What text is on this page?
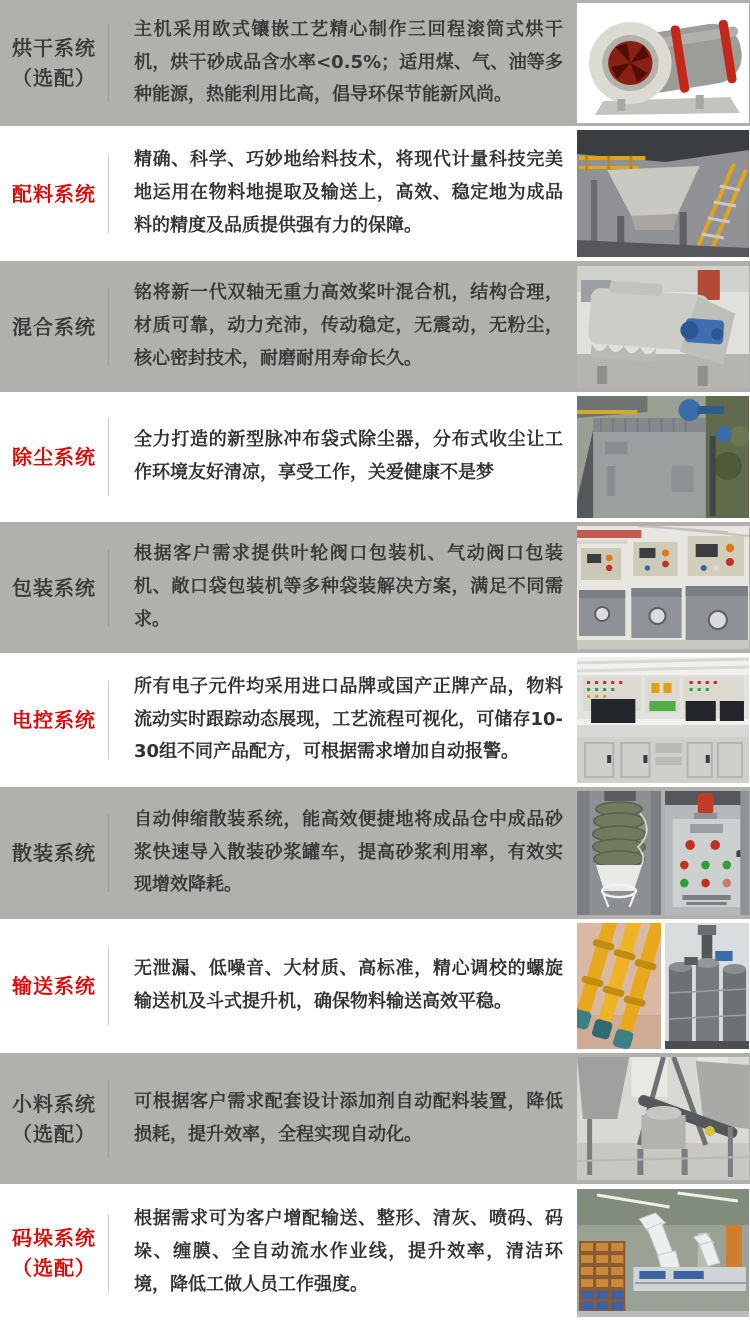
烘干系统
（选配）

主机采用欧式镶嵌工艺精心制作三回程滚筒式烘干机，烘干砂成品含水率<0.5%；适用煤、气、油等多种能源，热能利用比高，倡导环保节能新风尚。

配料系统

精确、科学、巧妙地给料技术，将现代计量科技完美地运用在物料地提取及输送上，高效、稳定地为成品料的精度及品质提供强有力的保障。

混合系统

铭将新一代双轴无重力高效桨叶混合机，结构合理，材质可靠，动力充沛，传动稳定，无震动，无粉尘，核心密封技术，耐磨耐用寿命长久。

除尘系统

全力打造的新型脉冲布袋式除尘器，分布式收尘让工作环境友好清凉，享受工作，关爱健康不是梦

包装系统

根据客户需求提供叶轮阀口包装机、气动阀口包装机、敞口袋包装机等多种袋装解决方案，满足不同需求。

电控系统

所有电子元件均采用进口品牌或国产正牌产品，物料流动实时跟踪动态展现，工艺流程可视化，可储存10-30组不同产品配方，可根据需求增加自动报警。

散装系统

自动伸缩散装系统，能高效便捷地将成品仓中成品砂浆快速导入散装砂浆罐车，提高砂浆利用率，有效实现增效降耗。

输送系统

无泄漏、低噪音、大材质、高标准，精心调校的螺旋输送机及斗式提升机，确保物料输送高效平稳。

小料系统
（选配）

可根据客户需求配套设计添加剂自动配料装置，降低损耗，提升效率，全程实现自动化。

码垛系统
（选配）

根据需求可为客户增配输送、整形、清灰、喷码、码垛、缠膜、全自动流水作业线，提升效率，清洁环境，降低工做人员工作强度。
